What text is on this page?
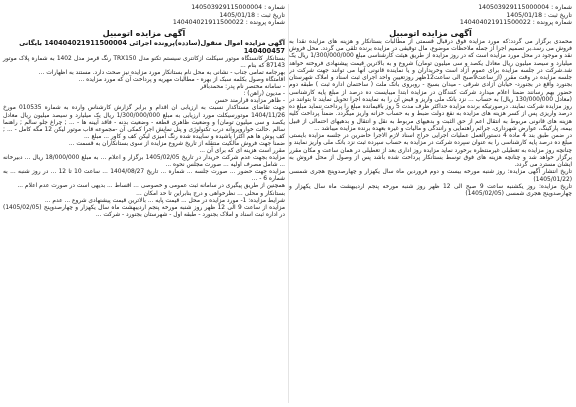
شماره : 140503929115000004
تاریخ ثبت : 1405/01/18
شماره پرونده : 140404021911500022
آگهی مزایده اتومبیل

محمدی برگزار می گردد:که مورد مزایده فوق درقبال قسمتی از مطالبات بستانکار و هزینه های مزایده نقدا به فروش می رسد.بر تصمیم اجرا از جمله ملاحظات موضوع، مال توقیفی در مزایده برنده تلقی می گردد. محل فروش نقد و موجود در محل مورد مزایده است که در روز مزایده از طریق هیئت کارشناسی مبلغ 1/300/000/000 ریال یک میلیارد و سیصد میلیون ریال معادل یکصد و سی میلیون تومان) شروع و به بالاترین قیمت پیشنهادی فروخته خواهد شد.شرکت در جلسه مزایده برای عموم آزاد است وخریداران و یا نماینده قانونی آنها می توانند جهت شرکت در جلسه مزایده در وقت مقرر (از ساعت9صبح الی ساعت12ظهر روزتعیین واحد اجرای ثبت اسناد و املاک شهرستان بجنورد واقع در بجنورد- خیابان آزادی شرقی - میدان بسیج - روبروی بانک ملت ( ساختمان اداره ثبت ) طبقه دوم حضور بهم رسانند ضمنا اعلام میدارد شرکت کنندگان در مزایده ابتدا میبایست ده درصد از مبلغ پایه کارشناسی (معادل 130/000/000 ریال) به حساب ... نزد بانک ملی واریز و قبض آن را به نماینده اجرا تحویل نمایند تا بتوانند در روز مزایده شرکت نمایند. درصورتیکه برنده مزایده حداکثر ظرف مدت 5 روز باقیمانده مبلغ را پرداخت ننماید مبلغ ده درصد واریزی پس از کسر هزینه های مزایده به نفع دولت ضبط و به حساب خزانه واریز میگردد. ضمناً پرداخت کلیه هزینه های قانونی مربوط به انتقال اعم از حق الثبت و بدهیهای مربوط به نقل و انتقال و بدهیهای احتمالی از قبیل بیمه، پارکینگ، عوارض شهرداری، جرائم راهنمایی و رانندگی و مالیات و غیره بعهده برنده مزایده میباشد ...

در ضمن طبق بند 4 ماده 4 دستورالعمل عملیات اجرایی حراج اسناد لازم الاجرا حاضرین در جلسه مزایده بایستی مبلغ ده درصد پایه کارشناسی را به عنوان سپرده شرکت در مزایده به حساب سپرده ثبت نزد بانک ملی واریز نمایند و چنانچه روز مزایده به تعطیلی غیرمنتظره برخورد نماید مزایده روز اداری بعد از تعطیلی در همان ساعت و مکان مقرر برگزار خواهد شد و چنانچه هزینه های فوق توسط بستانکار پرداخت شده باشد پس از وصول از محل فروش به ایشان مسترد می گردد.

تاریخ انتشار آگهی مزایده: روز شنبه مورخه بیست و دوم فروردین ماه سال یکهزار و چهارصدوپنج هجری شمسی (1405/01/22)

تاریخ مزایده: روز یکشنبه ساعت 9 صبح الی 12 ظهر روز شنبه مورخه پنجم اردیبهشت ماه سال یکهزار و چهارصدوپنج هجری شمسی (1405/02/05)

شماره : 140503929115000004
تاریخ ثبت : 1405/01/18
شماره پرونده : 140404021911500022
آگهی مزایده اتومبیل
آگهی مزایده اموال منقول(سادده)پرونده اجرائی 140404021911500004 بایگانی 140400457

بستانکار کانستگاه موتور سیکلت ازکانتری سیستم تکنو مدل TRX150 رنگ قرمز مدل 1402 به شماره پلاک موتور 87143 که بنام ...

بهرجامه تمامی جناب - نشانی به محل نام بستانکار مورد مزایده نیز صحت دارد. مستند به اظهارات ...

اقامتگاه وصول بکلمه سبک از بهره - مطالبات مهریه و پرداخت آن که مورد مزایده ...

- سامانه مختصر نام پدر: محمدباقر

- مدیون (راهن) :

- ظاهر مزایده قرارمند حسن

جهت تقاضای مستاکدار نسبت به ارزیابی ان اقدام و برابر گزارش کارشناس وارده به شماره 010535 مورخ 1404/11/26 موتورسیکلت مورد ارزیابی به مبلغ 1/300/000/000 ریال یک میلیارد و سیصد میلیون ریال معادل یکصد و سی میلیون تومان) و وضعیت ظاهری قطعه - وضعیت بدنه - فاقد آیینه ها - ... ; چراغ جلو سالم ; راهنما سالم .حالت خواروپروانه درب تکنولوژی و پنل نمایش اجرا کمکی آن -مجموعه قاب موتور لیکن 12 مگه کامل - ... ; کف پوش ها هم اکثرا پاشیده و ساییده شده رنگ آمیزی لیکن کف و کاور ... مبلغ ...

ضمنا جهت فروش مالکیت منتقله از تاریخ شروع مزایده از سوی بستانکاران به قسمت ...

مقرر است هزینه ای که برای آن ...

مزایده بجهت عدم شرکت خریدار در تاریخ 1405/02/05 برگزار و اعلام ... به مبلغ 18/000/000 ریال ... دبیرخانه ... شامل مصرف اولیه ... صورت مجلس نحوه ...

مزایده جهت حضور ... صورت جلسه ... شماره ... تاریخ 1404/08/27 ... ساعت 10 تا 12 ... در روز شنبه ... به شماره 6 - ...

همچنین از طریق پیگیری در سامانه ثبت عمومی و خصوصی ... اقساط ... بدیهی است در صورت عدم اعلام ...

بستانکار و محلی ... نظرخواهی و درج بنابراین تا حد امکان ...

شرایط مزایده: 1- مورد مزایده در محل ... قیمت پایه ... بالاترین قیمت پیشنهادی شروع ... عدم ...

مزایده از ساعت 9 الی 12 ظهر روز شنبه مورخه پنجم اردیبهشت ماه سال یکهزار و چهارصدوپنج (1405/02/05) در اداره ثبت اسناد و املاک بجنورد - طبقه اول - شهرستان بجنورد - شرکت ...
